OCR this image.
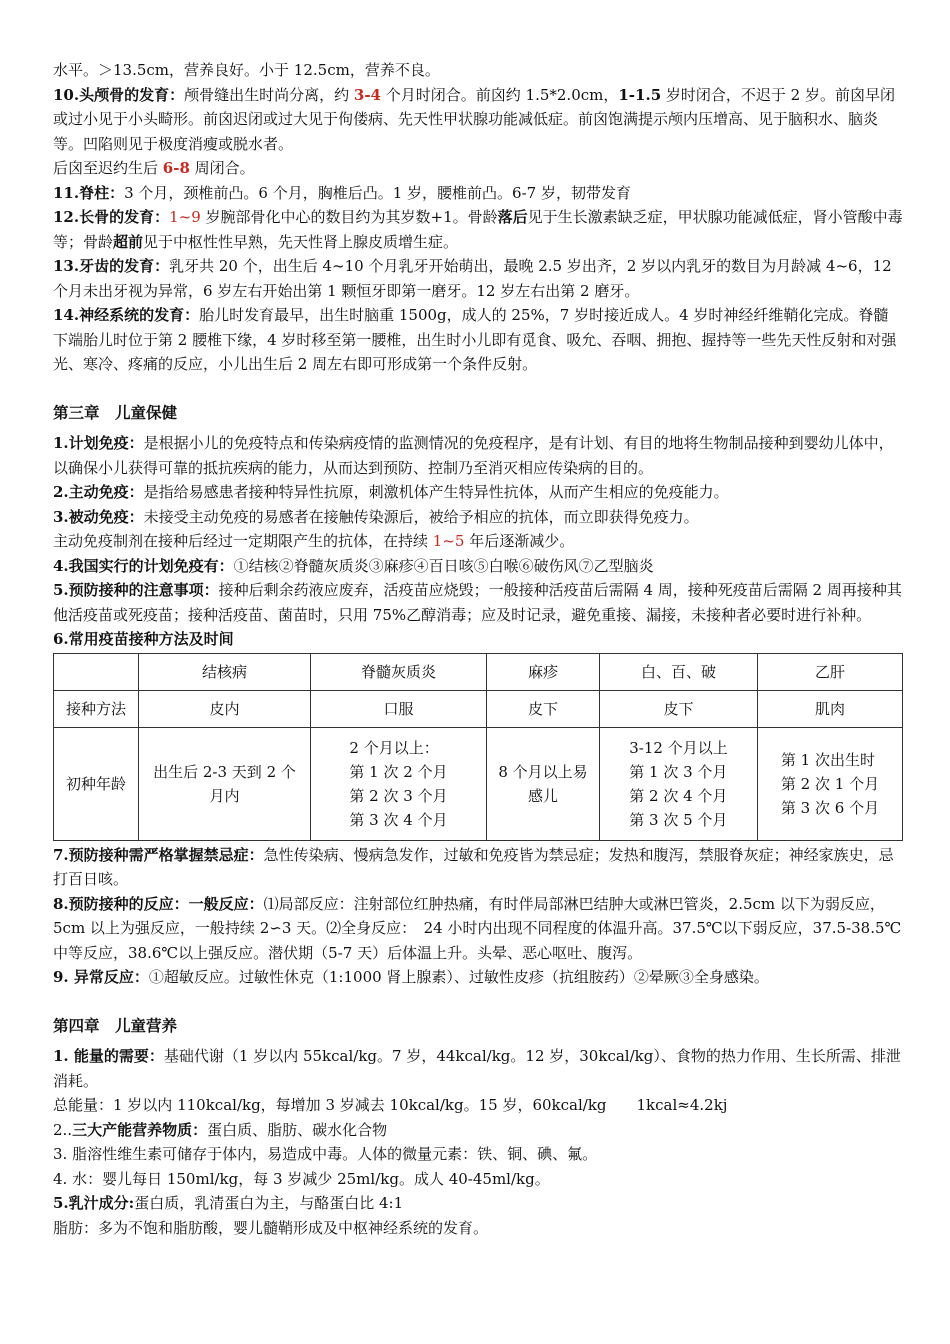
水平。＞13.5cm，营养良好。小于 12.5cm，营养不良。

10.头颅骨的发育：颅骨缝出生时尚分离，约 3-4 个月时闭合。前囟约 1.5*2.0cm，1-1.5 岁时闭合，不迟于 2 岁。前囟早闭或过小见于小头畸形。前囟迟闭或过大见于佝偻病、先天性甲状腺功能减低症。前囟饱满提示颅内压增高、见于脑积水、脑炎等。凹陷则见于极度消瘦或脱水者。

后囟至迟约生后 6-8 周闭合。

11.脊柱：3 个月，颈椎前凸。6 个月，胸椎后凸。1 岁，腰椎前凸。6-7 岁，韧带发育

12.长骨的发育：1~9 岁腕部骨化中心的数目约为其岁数+1。骨龄落后见于生长激素缺乏症，甲状腺功能减低症，肾小管酸中毒等；骨龄超前见于中枢性性早熟，先天性肾上腺皮质增生症。

13.牙齿的发育：乳牙共 20 个，出生后 4~10 个月乳牙开始萌出，最晚 2.5 岁出齐，2 岁以内乳牙的数目为月龄减 4~6，12 个月未出牙视为异常，6 岁左右开始出第 1 颗恒牙即第一磨牙。12 岁左右出第 2 磨牙。

14.神经系统的发育：胎儿时发育最早，出生时脑重 1500g，成人的 25%，7 岁时接近成人。4 岁时神经纤维鞘化完成。脊髓下端胎儿时位于第 2 腰椎下缘，4 岁时移至第一腰椎，出生时小儿即有觅食、吸允、吞咽、拥抱、握持等一些先天性反射和对强光、寒冷、疼痛的反应，小儿出生后 2 周左右即可形成第一个条件反射。

第三章　儿童保健

1.计划免疫：是根据小儿的免疫特点和传染病疫情的监测情况的免疫程序，是有计划、有目的地将生物制品接种到婴幼儿体中，以确保小儿获得可靠的抵抗疾病的能力，从而达到预防、控制乃至消灭相应传染病的目的。

2.主动免疫：是指给易感患者接种特异性抗原，刺激机体产生特异性抗体，从而产生相应的免疫能力。

3.被动免疫：未接受主动免疫的易感者在接触传染源后，被给予相应的抗体，而立即获得免疫力。

主动免疫制剂在接种后经过一定期限产生的抗体，在持续 1~5 年后逐渐减少。

4.我国实行的计划免疫有：①结核②脊髓灰质炎③麻疹④百日咳⑤白喉⑥破伤风⑦乙型脑炎

5.预防接种的注意事项：接种后剩余药液应废弃，活疫苗应烧毁；一般接种活疫苗后需隔 4 周，接种死疫苗后需隔 2 周再接种其他活疫苗或死疫苗；接种活疫苗、菌苗时，只用 75%乙醇消毒；应及时记录，避免重接、漏接，未接种者必要时进行补种。

6.常用疫苗接种方法及时间

	结核病	脊髓灰质炎	麻疹	白、百、破	乙肝
接种方法	皮内	口服	皮下	皮下	肌肉
初种年龄	出生后 2-3 天到 2 个月内	2 个月以上：
第 1 次 2 个月
第 2 次 3 个月
第 3 次 4 个月	8 个月以上易感儿	3-12 个月以上
第 1 次 3 个月
第 2 次 4 个月
第 3 次 5 个月	第 1 次出生时
第 2 次 1 个月
第 3 次 6 个月

7.预防接种需严格掌握禁忌症：急性传染病、慢病急发作，过敏和免疫皆为禁忌症；发热和腹泻，禁服脊灰症；神经家族史，忌打百日咳。

8.预防接种的反应：一般反应：⑴局部反应：注射部位红肿热痛，有时伴局部淋巴结肿大或淋巴管炎，2.5cm 以下为弱反应，5cm 以上为强反应，一般持续 2∽3 天。⑵全身反应：　24 小时内出现不同程度的体温升高。37.5℃以下弱反应，37.5-38.5℃中等反应，38.6℃以上强反应。潜伏期（5-7 天）后体温上升。头晕、恶心呕吐、腹泻。

9. 异常反应：①超敏反应。过敏性休克（1:1000 肾上腺素）、过敏性皮疹（抗组胺药）②晕厥③全身感染。

第四章　儿童营养

1. 能量的需要：基础代谢（1 岁以内 55kcal/kg。7 岁，44kcal/kg。12 岁，30kcal/kg）、食物的热力作用、生长所需、排泄消耗。

总能量：1 岁以内 110kcal/kg，每增加 3 岁减去 10kcal/kg。15 岁，60kcal/kg　　1kcal≈4.2kj

2..三大产能营养物质：蛋白质、脂肪、碳水化合物

3. 脂溶性维生素可储存于体内，易造成中毒。人体的微量元素：铁、铜、碘、氟。

4. 水：婴儿每日 150ml/kg，每 3 岁减少 25ml/kg。成人 40-45ml/kg。

5.乳汁成分:蛋白质，乳清蛋白为主，与酪蛋白比 4:1

脂肪：多为不饱和脂肪酸，婴儿髓鞘形成及中枢神经系统的发育。
